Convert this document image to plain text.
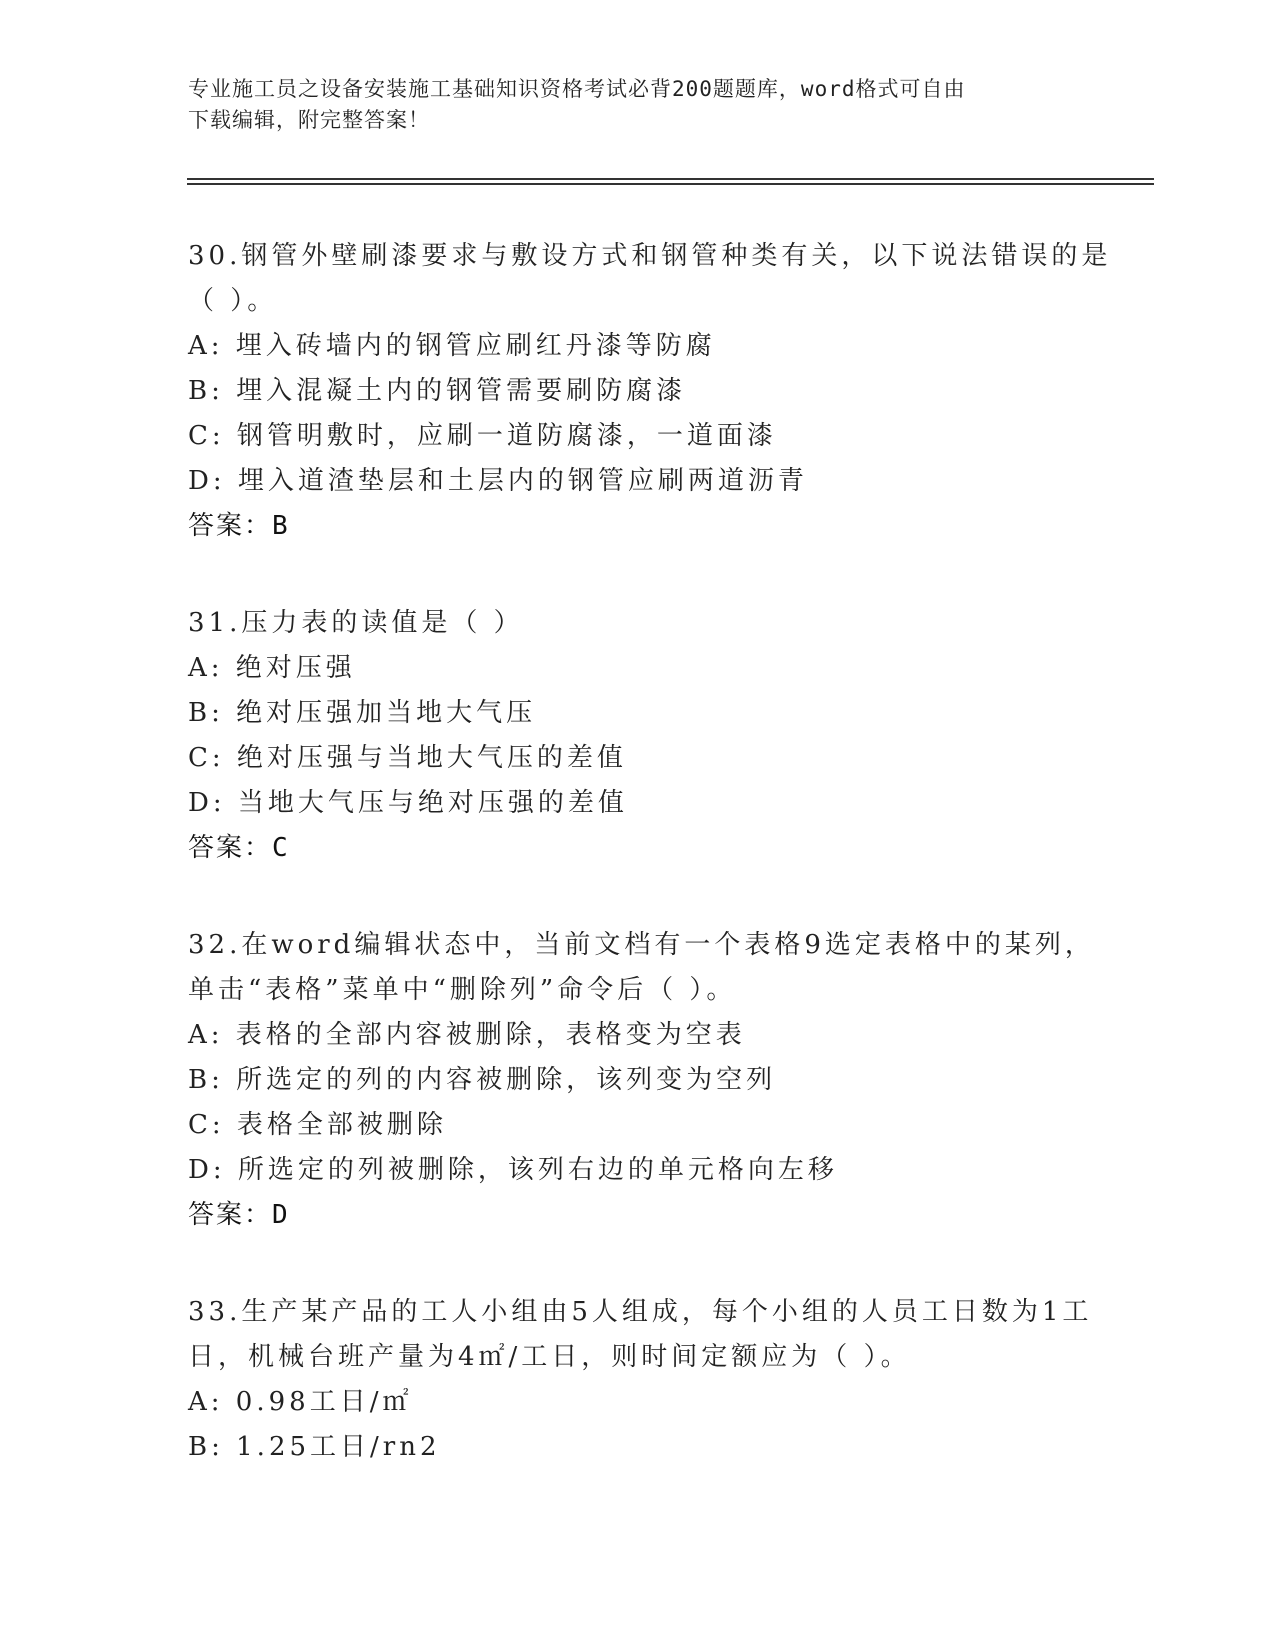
专业施工员之设备安装施工基础知识资格考试必背200题题库，word格式可自由
下载编辑，附完整答案！
30.钢管外壁刷漆要求与敷设方式和钢管种类有关，以下说法错误的是
（ ）。
A: 埋入砖墙内的钢管应刷红丹漆等防腐
B: 埋入混凝土内的钢管需要刷防腐漆
C: 钢管明敷时，应刷一道防腐漆，一道面漆
D: 埋入道渣垫层和土层内的钢管应刷两道沥青
答案：B
31.压力表的读值是（ ）
A: 绝对压强
B: 绝对压强加当地大气压
C: 绝对压强与当地大气压的差值
D: 当地大气压与绝对压强的差值
答案：C
32.在word编辑状态中，当前文档有一个表格9选定表格中的某列，
单击“表格”菜单中“删除列”命令后（ ）。
A: 表格的全部内容被删除，表格变为空表
B: 所选定的列的内容被删除，该列变为空列
C: 表格全部被删除
D: 所选定的列被删除，该列右边的单元格向左移
答案：D
33.生产某产品的工人小组由5人组成，每个小组的人员工日数为1工
日，机械台班产量为4㎡/工日，则时间定额应为（ ）。
A: 0.98工日/㎡
B: 1.25工日/rn2
